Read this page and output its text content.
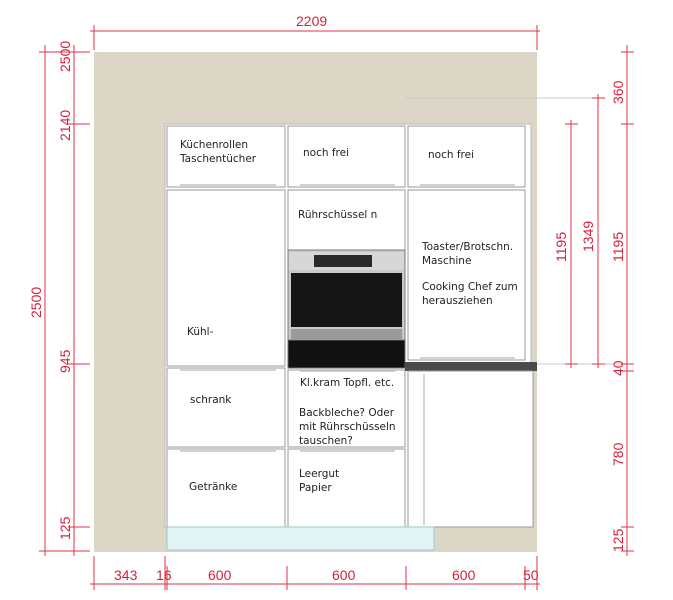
Küchenrollen
Taschentücher	noch frei	noch frei
Rührschüssel n
Toaster/Brotschn.
Maschine
Cooking Chef zum
herausziehen
Kühl-
schrank
Kl.kram Topfl. etc.
Backbleche? Oder
mit Rührschüsseln
tauschen?
Getränke
Leergut
Papier
2209
2500
2500
2140
945
125
1195 1349
360
1195
40
780
125
343 16	600	600	600	50
